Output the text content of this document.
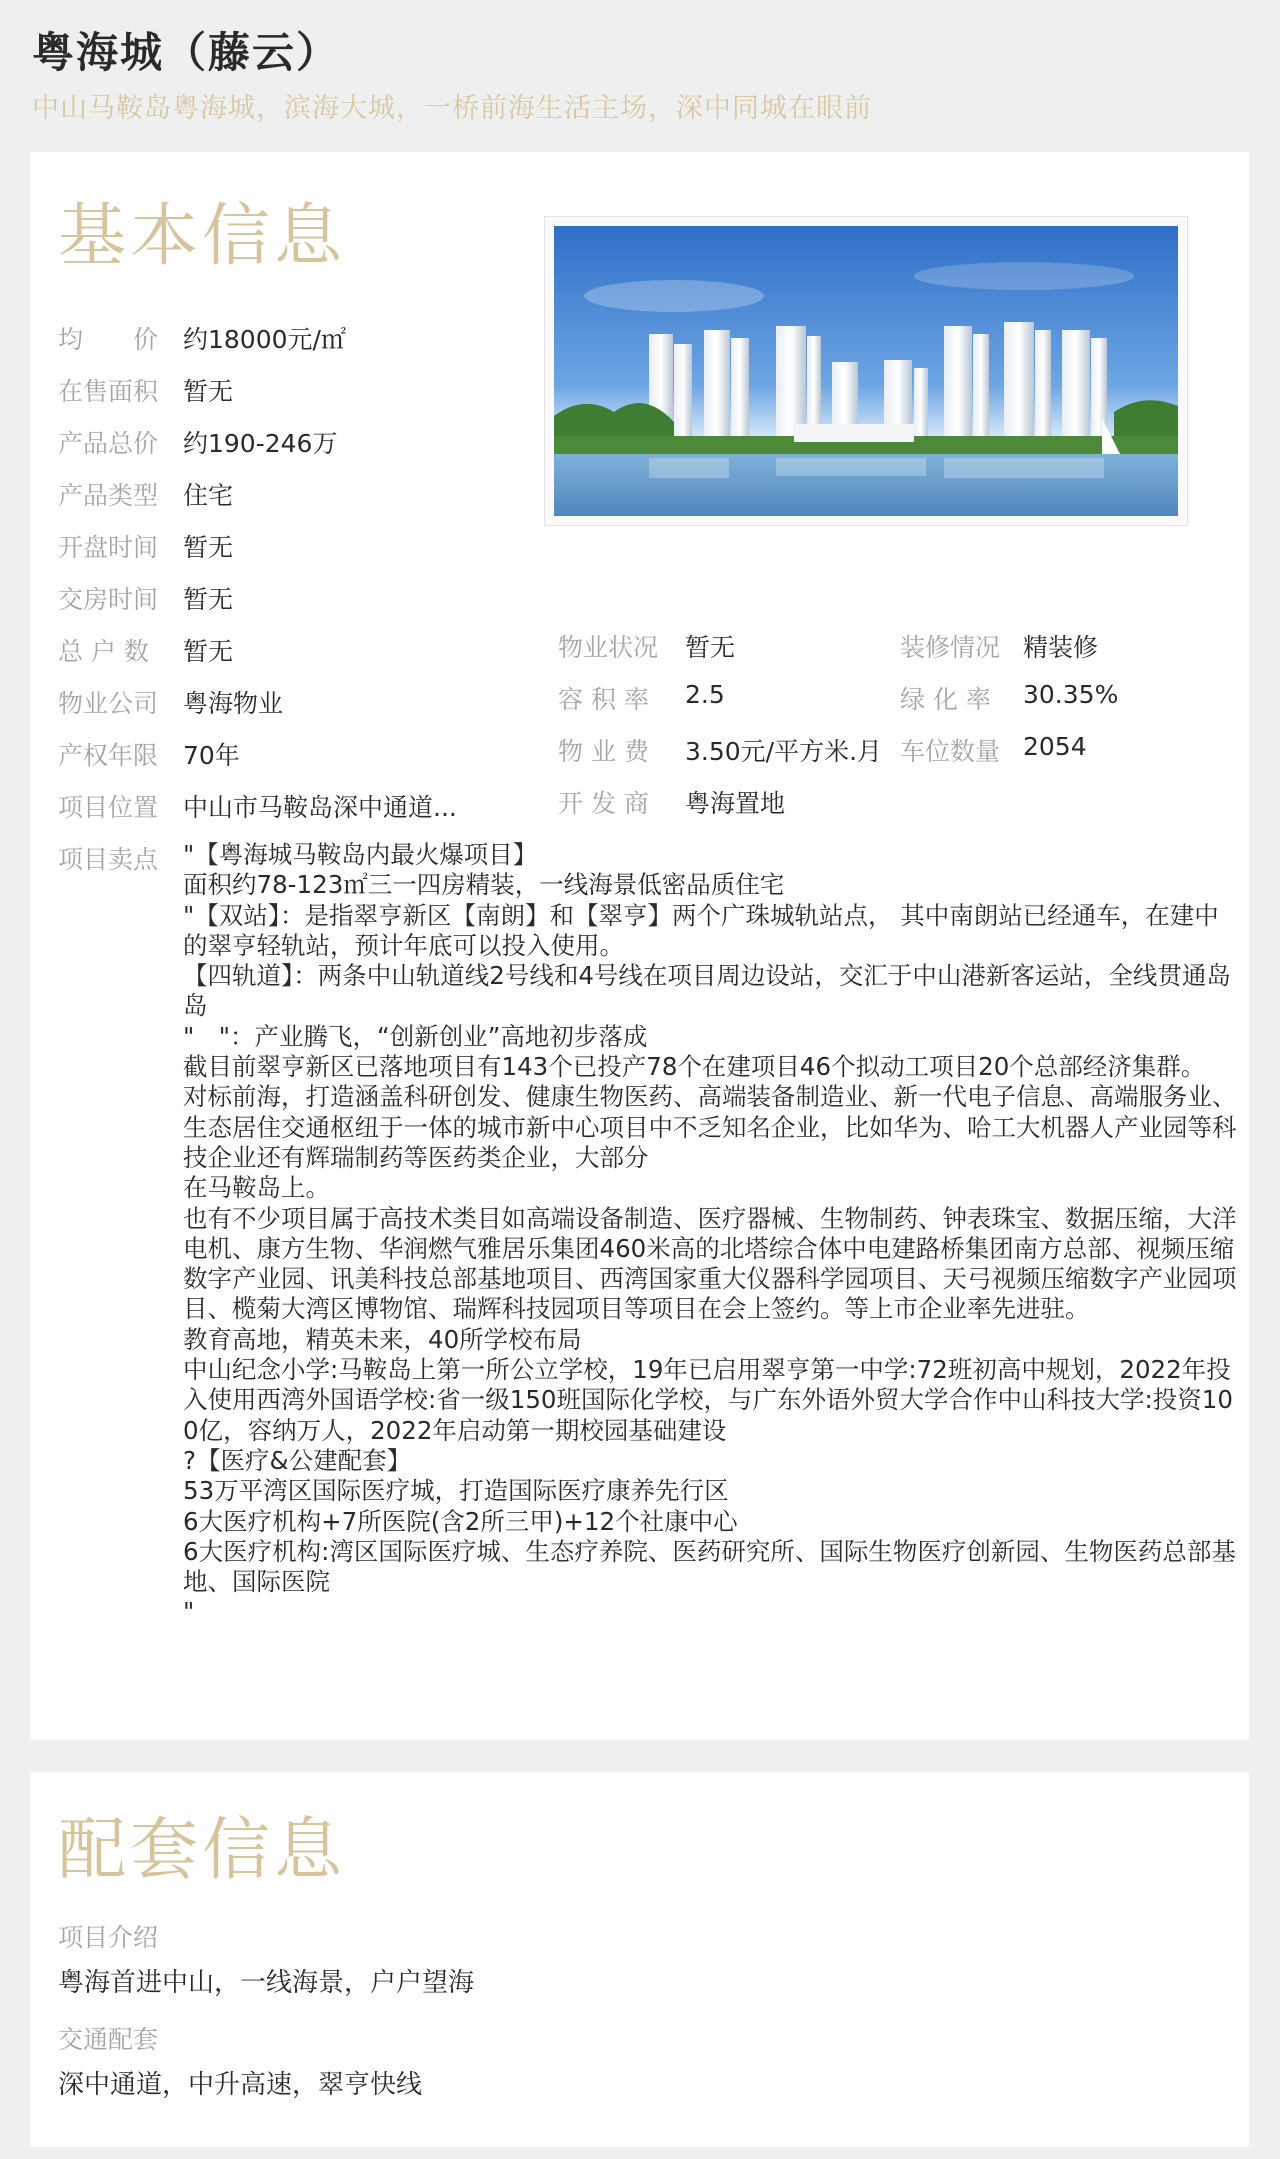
粤海城（藤云）
中山马鞍岛粤海城，滨海大城，一桥前海生活主场，深中同城在眼前
基本信息
均　　价 约18000元/㎡
在售面积 暂无
产品总价 约190-246万
产品类型 住宅
开盘时间 暂无
交房时间 暂无
总 户 数 暂无
物业公司 粤海物业
产权年限 70年
项目位置 中山市马鞍岛深中通道...
物业状况 暂无
容 积 率 2.5
物 业 费 3.50元/平方米.月
开 发 商 粤海置地
装修情况 精装修
绿 化 率 30.35%
车位数量 2054
项目卖点 "【粤海城马鞍岛内最火爆项目】
面积约78-123㎡三一四房精装，一线海景低密品质住宅
"【双站】：是指翠亨新区【南朗】和【翠亨】两个广珠城轨站点， 其中南朗站已经通车，在建中的翠亨轻轨站，预计年底可以投入使用。
【四轨道】：两条中山轨道线2号线和4号线在项目周边设站，交汇于中山港新客运站，全线贯通岛岛
"　"：产业腾飞，“创新创业”高地初步落成
截目前翠亨新区已落地项目有143个已投产78个在建项目46个拟动工项目20个总部经济集群。
对标前海，打造涵盖科研创发、健康生物医药、高端装备制造业、新一代电子信息、高端服务业、生态居住交通枢纽于一体的城市新中心项目中不乏知名企业，比如华为、哈工大机器人产业园等科技企业还有辉瑞制药等医药类企业，大部分
在马鞍岛上。
也有不少项目属于高技术类目如高端设备制造、医疗器械、生物制药、钟表珠宝、数据压缩，大洋电机、康方生物、华润燃气雅居乐集团460米高的北塔综合体中电建路桥集团南方总部、视频压缩数字产业园、讯美科技总部基地项目、西湾国家重大仪器科学园项目、天弓视频压缩数字产业园项目、榄菊大湾区博物馆、瑞辉科技园项目等项目在会上签约。等上市企业率先进驻。
教育高地，精英未来，40所学校布局
中山纪念小学:马鞍岛上第一所公立学校，19年已启用翠亨第一中学:72班初高中规划，2022年投入使用西湾外国语学校:省一级150班国际化学校，与广东外语外贸大学合作中山科技大学:投资100亿，容纳万人，2022年启动第一期校园基础建设
?【医疗&公建配套】
53万平湾区国际医疗城，打造国际医疗康养先行区
6大医疗机构+7所医院(含2所三甲)+12个社康中心
6大医疗机构:湾区国际医疗城、生态疗养院、医药研究所、国际生物医疗创新园、生物医药总部基地、国际医院
"
配套信息
项目介绍
粤海首进中山，一线海景，户户望海
交通配套
深中通道，中升高速，翠亨快线
